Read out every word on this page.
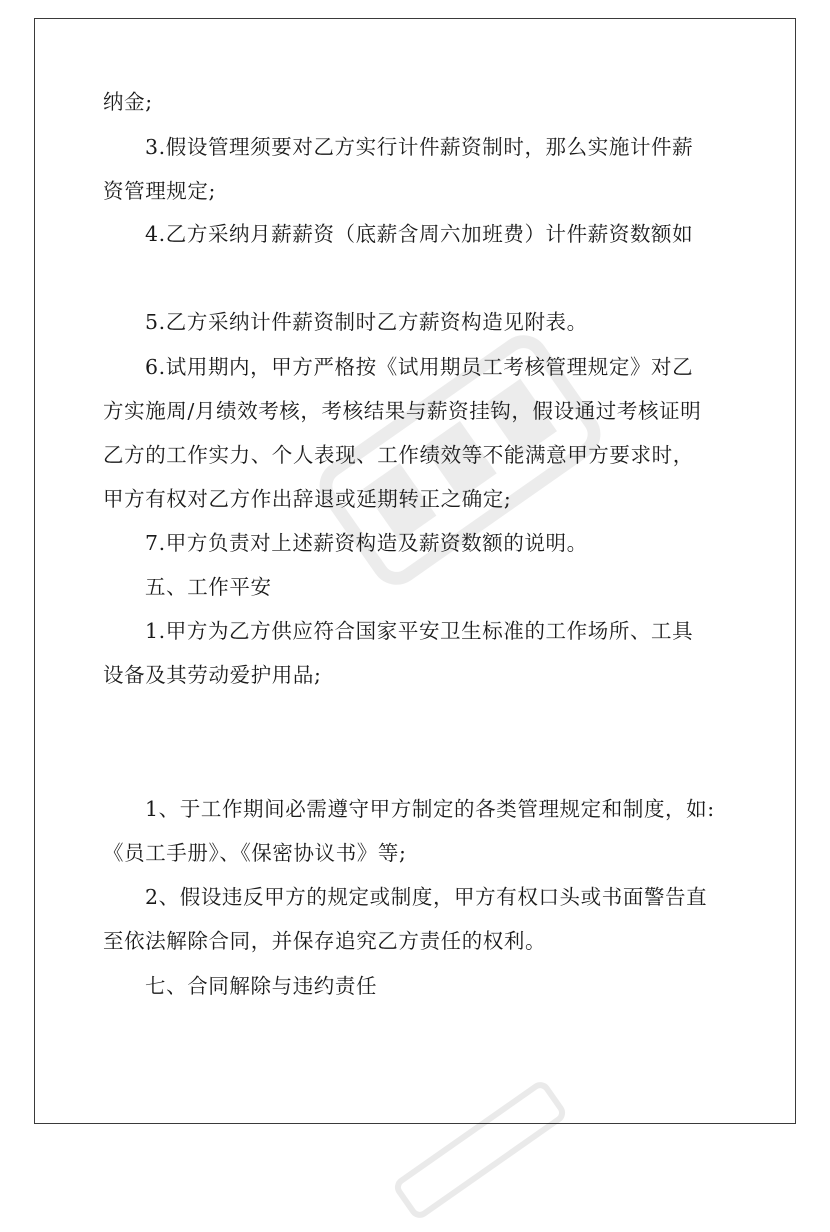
纳金;
3.假设管理须要对乙方实行计件薪资制时，那么实施计件薪
资管理规定;
4.乙方采纳月薪薪资（底薪含周六加班费）计件薪资数额如
5.乙方采纳计件薪资制时乙方薪资构造见附表。
6.试用期内，甲方严格按《试用期员工考核管理规定》对乙
方实施周/月绩效考核，考核结果与薪资挂钩，假设通过考核证明
乙方的工作实力、个人表现、工作绩效等不能满意甲方要求时，
甲方有权对乙方作出辞退或延期转正之确定;
7.甲方负责对上述薪资构造及薪资数额的说明。
五、工作平安
1.甲方为乙方供应符合国家平安卫生标准的工作场所、工具
设备及其劳动爱护用品;
1、于工作期间必需遵守甲方制定的各类管理规定和制度，如:
《员工手册》、《保密协议书》等;
2、假设违反甲方的规定或制度，甲方有权口头或书面警告直
至依法解除合同，并保存追究乙方责任的权利。
七、合同解除与违约责任
